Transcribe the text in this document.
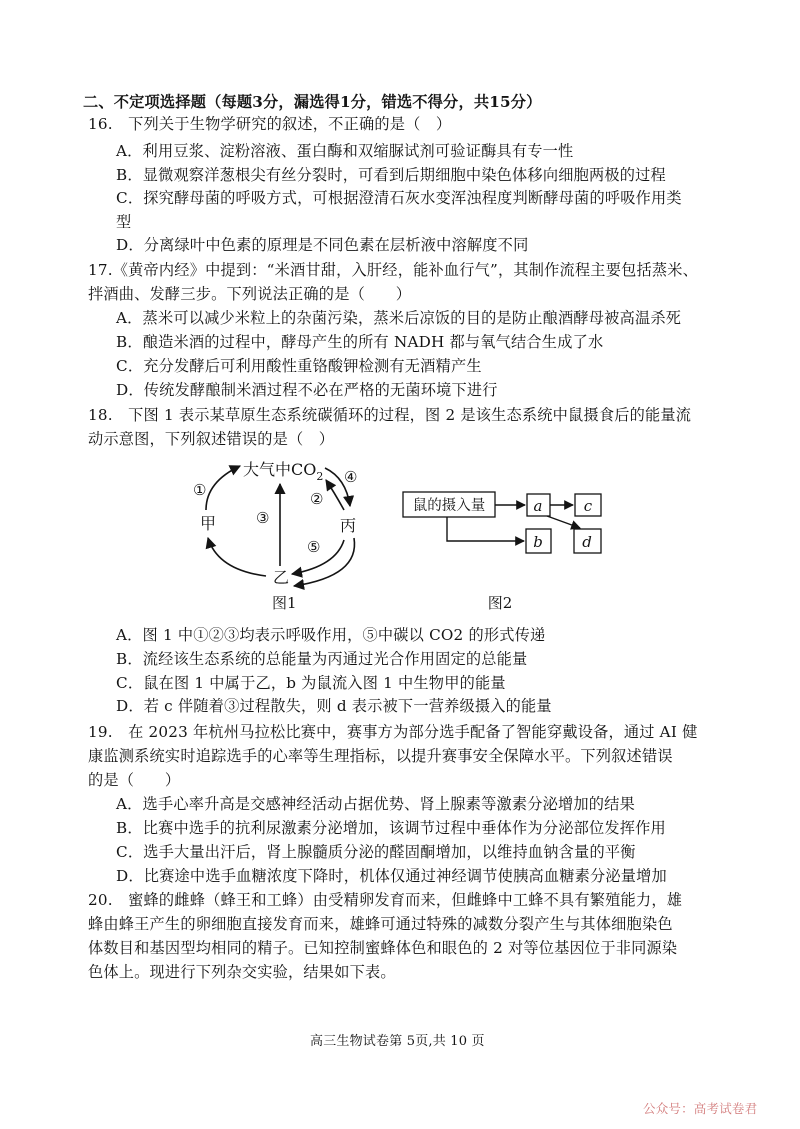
二、不定项选择题（每题3分，漏选得1分，错选不得分，共15分）
16.　下列关于生物学研究的叙述，不正确的是（　）
A．利用豆浆、淀粉溶液、蛋白酶和双缩脲试剂可验证酶具有专一性
B．显微观察洋葱根尖有丝分裂时，可看到后期细胞中染色体移向细胞两极的过程
C．探究酵母菌的呼吸方式，可根据澄清石灰水变浑浊程度判断酵母菌的呼吸作用类
型
D．分离绿叶中色素的原理是不同色素在层析液中溶解度不同
17.《黄帝内经》中提到：“米酒甘甜，入肝经，能补血行气”，其制作流程主要包括蒸米、
拌酒曲、发酵三步。下列说法正确的是（　　）
A．蒸米可以减少米粒上的杂菌污染，蒸米后凉饭的目的是防止酿酒酵母被高温杀死
B．酿造米酒的过程中，酵母产生的所有 NADH 都与氧气结合生成了水
C．充分发酵后可利用酸性重铬酸钾检测有无酒精产生
D．传统发酵酿制米酒过程不必在严格的无菌环境下进行
18.　下图 1 表示某草原生态系统碳循环的过程，图 2 是该生态系统中鼠摄食后的能量流
动示意图，下列叙述错误的是（　）
大气中$CO_2$
甲	丙
乙
①	②
③
④
⑤
图1
鼠的摄入量	a	c
b	d
图2
A．图 1 中①②③均表示呼吸作用，⑤中碳以 CO2 的形式传递
B．流经该生态系统的总能量为丙通过光合作用固定的总能量
C．鼠在图 1 中属于乙，b 为鼠流入图 1 中生物甲的能量
D．若 c 伴随着③过程散失，则 d 表示被下一营养级摄入的能量
19.　在 2023 年杭州马拉松比赛中，赛事方为部分选手配备了智能穿戴设备，通过 AI 健
康监测系统实时追踪选手的心率等生理指标，以提升赛事安全保障水平。下列叙述错误
的是（　　）
A．选手心率升高是交感神经活动占据优势、肾上腺素等激素分泌增加的结果
B．比赛中选手的抗利尿激素分泌增加，该调节过程中垂体作为分泌部位发挥作用
C．选手大量出汗后，肾上腺髓质分泌的醛固酮增加，以维持血钠含量的平衡
D．比赛途中选手血糖浓度下降时，机体仅通过神经调节使胰高血糖素分泌量增加
20.　蜜蜂的雌蜂（蜂王和工蜂）由受精卵发育而来，但雌蜂中工蜂不具有繁殖能力，雄
蜂由蜂王产生的卵细胞直接发育而来，雄蜂可通过特殊的减数分裂产生与其体细胞染色
体数目和基因型均相同的精子。已知控制蜜蜂体色和眼色的 2 对等位基因位于非同源染
色体上。现进行下列杂交实验，结果如下表。
高三生物试卷第 5页,共 10 页
公众号：高考试卷君
